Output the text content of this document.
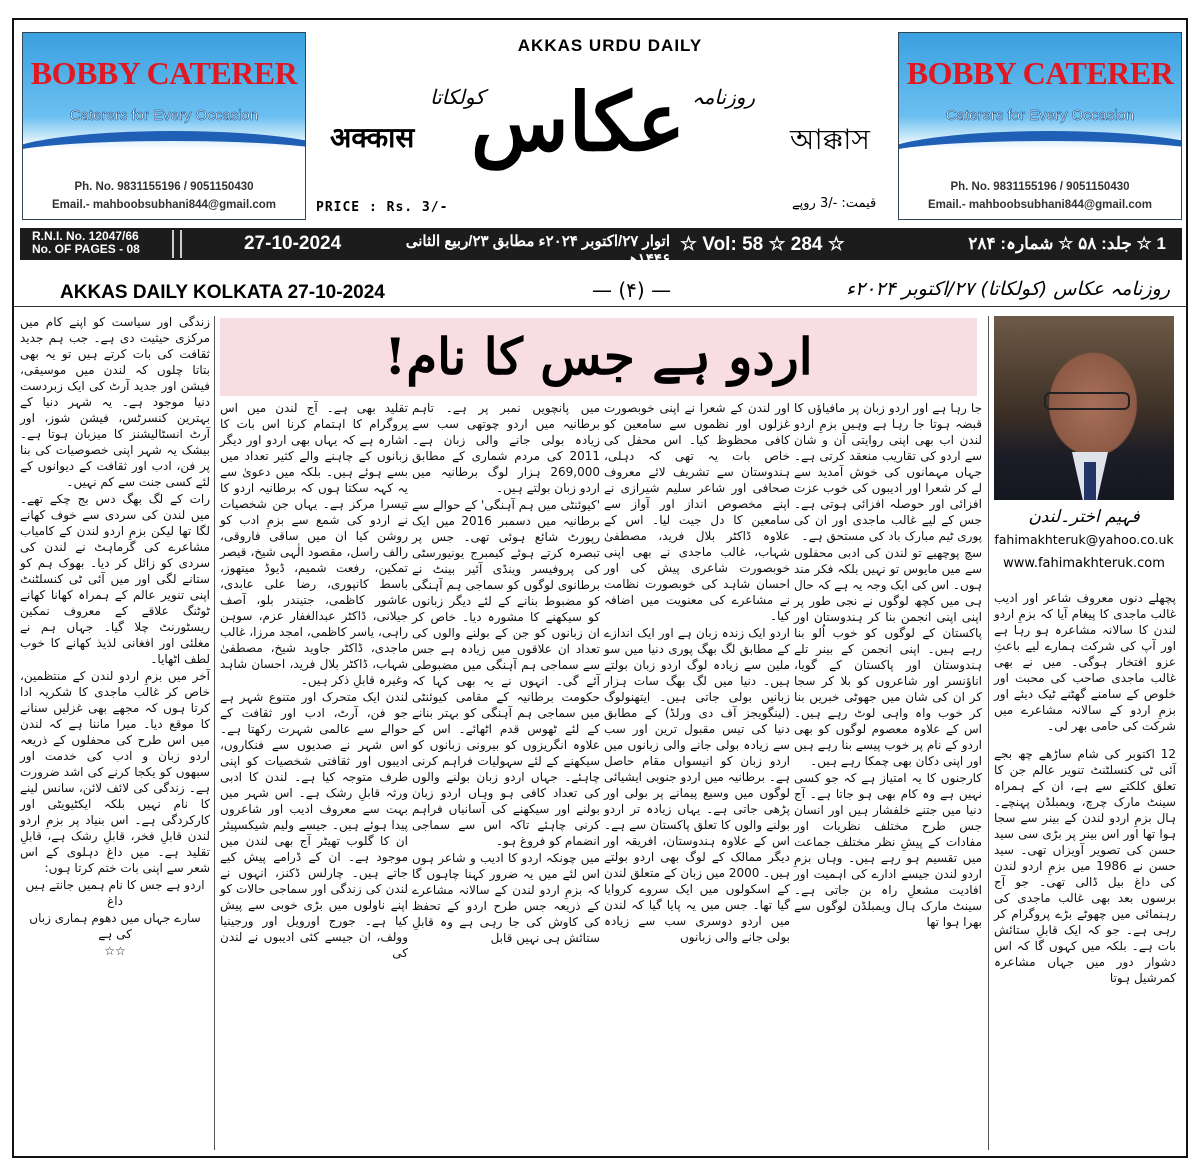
BOBBY CATERER
Caterers for Every Occasion
Ph. No. 9831155196 / 9051150430
Email.- mahboobsubhani844@gmail.com
BOBBY CATERER
Caterers for Every Occasion
Ph. No. 9831155196 / 9051150430
Email.- mahboobsubhani844@gmail.com
AKKAS URDU DAILY
عکاس روزنامہ
کولکاتا
अक्कास	আক্কাস
PRICE : Rs. 3/-	قیمت: -/3 روپے
R.N.I. No. 12047/66
No. OF PAGES - 08	27-10-2024	اتوار ۲۷/اکتوبر ۲۰۲۴ء مطابق ۲۳/ربیع الثانی ۱۴۴۶ھ
☆ Vol: 58 ☆ 284 ☆	1 ☆ جلد: ۵۸ ☆ شمارہ: ۲۸۴
AKKAS DAILY KOLKATA 27-10-2024	— (۴) —	روزنامہ عکاس (کولکاتا) ۲۷/اکتوبر ۲۰۲۴ء
اردو ہے جس کا نام!
فہیم اختر۔لندن
fahimakhteruk@yahoo.co.uk
www.fahimakhteruk.com

پچھلے دنوں معروف شاعر اور ادیب غالب ماجدی کا پیغام آیا کہ بزمِ اردو لندن کا سالانہ مشاعرہ ہو رہا ہے اور آپ کی شرکت ہمارے لیے باعثِ عزو افتخار ہوگی۔ میں نے بھی غالب ماجدی صاحب کی محبت اور خلوص کے سامنے گھٹنے ٹیک دیئے اور بزمِ اردو کے سالانہ مشاعرے میں شرکت کی حامی بھر لی۔

12 اکتوبر کی شام ساڑھے چھ بجے آئی ٹی کنسلٹنٹ تنویر عالم جن کا تعلق کلکتے سے ہے، ان کے ہمراہ سینٹ مارک چرچ، ویمبلڈن پہنچے۔ ہال بزمِ اردو لندن کے بینر سے سجا ہوا تھا اور اس بینر پر بڑی سی سید حسن کی تصویر آویزاں تھی۔ سید حسن نے 1986 میں بزمِ اردو لندن کی داغ بیل ڈالی تھی۔ جو آج برسوں بعد بھی غالب ماجدی کی رہنمائی میں چھوٹے بڑے پروگرام کر رہی ہے۔ جو کہ ایک قابلِ ستائش بات ہے۔ بلکہ میں کہوں گا کہ اس دشوار دور میں جہاں مشاعرہ کمرشیل ہوتا

جا رہا ہے اور اردو زبان پر مافیاؤں کا قبضہ ہوتا جا رہا ہے وہیں بزمِ اردو لندن اب بھی اپنی روایتی آن و شان سے اردو کی تقاریب منعقد کرتی ہے۔ جہاں مہمانوں کی خوش آمدید سے لے کر شعرا اور ادیبوں کی خوب عزت افزائی اور حوصلہ افزائی ہوتی ہے۔ جس کے لیے غالب ماجدی اور ان کی پوری ٹیم مبارک باد کی مستحق ہے۔

سچ پوچھیے تو لندن کی ادبی محفلوں سے میں مایوس تو نہیں بلکہ فکر مند ہوں۔ اس کی ایک وجہ یہ ہے کہ حال ہی میں کچھ لوگوں نے نجی طور پر اپنی اپنی انجمن بنا کر ہندوستان اور پاکستان کے لوگوں کو خوب اُلو بنا رہے ہیں۔ اپنی انجمن کے بینر تلے ہندوستان اور پاکستان کے گویا، اناؤنسر اور شاعروں کو بلا کر سجا کر ان کی شان میں جھوٹی خبریں بنا کر خوب واہ واہی لوٹ رہے ہیں۔ اس کے علاوہ معصوم لوگوں کو بھی اردو کے نام پر خوب پیسے بنا رہے ہیں اور اپنی دکان بھی چمکا رہے ہیں۔

کارجنوں کا یہ امتیاز ہے کہ جو کسی نہیں ہے وہ کام بھی ہو جاتا ہے۔ آج دنیا میں جتنے خلفشار ہیں اور انسان جس طرح مختلف نظریات اور مفادات کے پیشِ نظر مختلف جماعت میں تقسیم ہو رہے ہیں۔ وہاں بزمِ اردو لندن جیسے ادارے کی اہمیت اور افادیت مشعلِ راہ بن جاتی ہے۔ سینٹ مارک ہال ویمبلڈن لوگوں سے بھرا ہوا تھا

اور لندن کے شعرا نے اپنی خوبصورت غزلوں اور نظموں سے سامعین کو کافی محظوظ کیا۔ اس محفل کی خاص بات یہ تھی کہ دہلی، ہندوستان سے تشریف لائے معروف صحافی اور شاعر سلیم شیرازی نے اپنے مخصوص انداز اور آواز سے سامعین کا دل جیت لیا۔ اس کے علاوہ ڈاکٹر بلال فرید، مصطفیٰ شہاب، غالب ماجدی نے بھی اپنی خوبصورت شاعری پیش کی اور احسان شاہد کی خوبصورت نظامت نے مشاعرے کی معنویت میں اضافہ کیا۔

اردو ایک زندہ زبان ہے اور ایک اندازے کے مطابق لگ بھگ پوری دنیا میں سو ملین سے زیادہ لوگ اردو زبان بولتے ہیں۔ دنیا میں لگ بھگ سات ہزار زبانیں بولی جاتی ہیں۔ ایتھنولوگ (لینگویجز آف دی ورلڈ) کے مطابق دنیا کی تیس مقبول ترین اور سب سے زیادہ بولی جانے والی زبانوں میں اردو زبان کو انیسواں مقام حاصل ہے۔ برطانیہ میں اردو جنوبی ایشیائی لوگوں میں وسیع پیمانے پر بولی اور پڑھی جاتی ہے۔ یہاں زیادہ تر اردو بولنے والوں کا تعلق پاکستان سے ہے۔ اس کے علاوہ ہندوستان، افریقہ اور دیگر ممالک کے لوگ بھی اردو بولتے ہیں۔ 2000 میں زبان کے متعلق لندن کے اسکولوں میں ایک سروے کروایا گیا تھا۔ جس میں یہ پایا گیا کہ لندن میں اردو دوسری سب سے زیادہ بولی جانے والی زبانوں

میں پانچویں نمبر پر ہے۔ تاہم برطانیہ میں اردو چوتھی سب سے زیادہ بولی جانے والی زبان ہے۔ 2011 کی مردم شماری کے مطابق 269,000 ہزار لوگ برطانیہ میں اردو زبان بولتے ہیں۔

'کیوئنٹی میں ہم آہنگی' کے حوالے سے برطانیہ میں دسمبر 2016 میں ایک رپورٹ شائع ہوئی تھی۔ جس پر تبصرہ کرتے ہوئے کیمبرج یونیورسٹی کی پروفیسر وینڈی آئیر بینٹ نے برطانوی لوگوں کو سماجی ہم آہنگی کو مضبوط بنانے کے لئے دیگر زبانوں کو سیکھنے کا مشورہ دیا۔ خاص کر ان زبانوں کو جن کے بولنے والوں کی تعداد ان علاقوں میں زیادہ ہے جس سے سماجی ہم آہنگی میں مضبوطی آئے گی۔ انہوں نے یہ بھی کہا کہ حکومت برطانیہ کے مقامی کیوئنٹی میں سماجی ہم آہنگی کو بہتر بنانے کے لئے ٹھوس قدم اٹھائے۔ اس کے علاوہ انگریزوں کو بیرونی زبانوں کو سیکھنے کے لئے سہولیات فراہم کرنی چاہئے۔ جہاں اردو زبان بولنے والوں کی تعداد کافی ہو وہاں اردو زبان بولنے اور سیکھنے کی آسانیاں فراہم کرنی چاہئے تاکہ اس سے سماجی انضمام کو فروغ ہو۔

میں چونکہ اردو کا ادیب و شاعر ہوں اس لئے میں یہ ضرور کہنا چاہوں گا کہ بزمِ اردو لندن کے سالانہ مشاعرے کے ذریعہ جس طرح اردو کے تحفظ کی کاوش کی جا رہی ہے وہ قابلِ ستائش ہی نہیں قابل

تقلید بھی ہے۔ آج لندن میں اس پروگرام کا اہتمام کرنا اس بات کا اشارہ ہے کہ یہاں بھی اردو اور دیگر زبانوں کے چاہنے والے کثیر تعداد میں بسے ہوئے ہیں۔ بلکہ میں دعویٰ سے یہ کہہ سکتا ہوں کہ برطانیہ اردو کا تیسرا مرکز ہے۔ یہاں جن شخصیات نے اردو کی شمع سے بزمِ ادب کو روشن کیا ان میں ساقی فاروقی، رالف راسل، مقصود الٰہی شیخ، قیصر تمکین، رفعت شمیم، ڈیوڈ میتھوز، باسط کانپوری، رضا علی عابدی، عاشور کاظمی، جتیندر بلو، آصف جیلانی، ڈاکٹر عبدالغفار عزم، سوہن راہی، یاسر کاظمی، امجد مرزا، غالب ماجدی، ڈاکٹر جاوید شیخ، مصطفیٰ شہاب، ڈاکٹر بلال فرید، احسان شاہد وغیرہ قابلِ ذکر ہیں۔

لندن ایک متحرک اور متنوع شہر ہے جو فن، آرٹ، ادب اور ثقافت کے حوالے سے عالمی شہرت رکھتا ہے۔ اس شہر نے صدیوں سے فنکاروں، ادیبوں اور ثقافتی شخصیات کو اپنی طرف متوجہ کیا ہے۔ لندن کا ادبی ورثہ قابلِ رشک ہے۔ اس شہر میں بہت سے معروف ادیب اور شاعروں پیدا ہوئے ہیں۔ جیسے ولیم شیکسپیئر ان کا گلوب تھیٹر آج بھی لندن میں موجود ہے۔ ان کے ڈرامے پیش کیے جاتے ہیں۔ چارلس ڈکنز، انہوں نے لندن کی زندگی اور سماجی حالات کو اپنے ناولوں میں بڑی خوبی سے پیش کیا ہے۔ جورج اورویل اور ورجینیا وولف، ان جیسے کئی ادیبوں نے لندن کی

زندگی اور سیاست کو اپنے کام میں مرکزی حیثیت دی ہے۔ جب ہم جدید ثقافت کی بات کرتے ہیں تو یہ بھی بتاتا چلوں کہ لندن میں موسیقی، فیشن اور جدید آرٹ کی ایک زبردست دنیا موجود ہے۔ یہ شہر دنیا کے بہترین کنسرٹس، فیشن شوز، اور آرٹ انسٹالیشنز کا میزبان ہوتا ہے۔ بیشک یہ شہر اپنی خصوصیات کی بنا پر فن، ادب اور ثقافت کے دیوانوں کے لئے کسی جنت سے کم نہیں۔

رات کے لگ بھگ دس بج چکے تھے۔ میں لندن کی سردی سے خوف کھانے لگا تھا لیکن بزمِ اردو لندن کے کامیاب مشاعرے کی گرماہٹ نے لندن کی سردی کو زائل کر دیا۔ بھوک ہم کو ستانے لگی اور میں آئی ٹی کنسلٹنٹ اپنی تنویر عالم کے ہمراہ کھانا کھانے ٹوٹنگ علاقے کے معروف نمکین ریسٹورنٹ چلا گیا۔ جہاں ہم نے مغلئی اور افغانی لذیذ کھانے کا خوب لطف اٹھایا۔

آخر میں بزمِ اردو لندن کے منتظمین، خاص کر غالب ماجدی کا شکریہ ادا کرتا ہوں کہ مجھے بھی غزلیں سنانے کا موقع دیا۔ میرا ماننا ہے کہ لندن میں اس طرح کی محفلوں کے ذریعہ اردو زبان و ادب کی خدمت اور سبھوں کو یکجا کرنے کی اشد ضرورت ہے۔ زندگی کی لائف لائن، سانس لینے کا نام نہیں بلکہ ایکٹیویٹی اور کارکردگی ہے۔ اس بنیاد پر بزمِ اردو لندن قابلِ فخر، قابلِ رشک ہے، قابلِ تقلید ہے۔ میں داغ دہلوی کے اس شعر سے اپنی بات ختم کرتا ہوں:

اردو ہے جس کا نام ہمیں جانتے ہیں داغ

سارے جہاں میں دھوم ہماری زباں کی ہے

☆☆
